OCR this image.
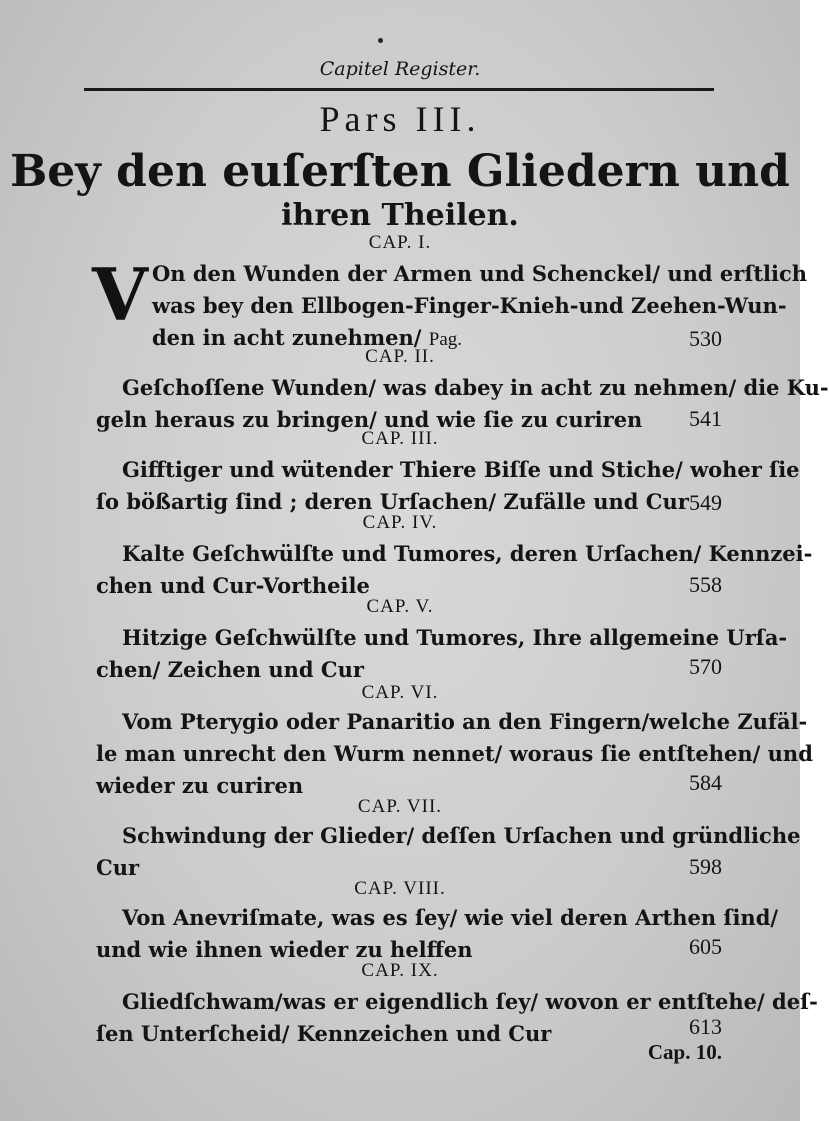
Capitel Register.
Pars III.
Bey den euſerſten Gliedern und
ihren Theilen.
CAP. I.
V On den Wunden der Armen und Schenckel/ und erſtlich
was bey den Ellbogen-Finger-Knieh-und Zeehen-Wun-
den in acht zunehmen/ Pag.	530
CAP. II.
Geſchoſſene Wunden/ was dabey in acht zu nehmen/ die Ku-
geln heraus zu bringen/ und wie ſie zu curiren	541
CAP. III.
Gifftiger und wütender Thiere Biſſe und Stiche/ woher ſie
ſo bößartig ſind ; deren Urſachen/ Zufälle und Cur 549
CAP. IV.
Kalte Geſchwülſte und Tumores, deren Urſachen/ Kennzei-
chen und Cur-Vortheile	558
CAP. V.
Hitzige Geſchwülſte und Tumores, Ihre allgemeine Urſa-
chen/ Zeichen und Cur	570
CAP. VI.
Vom Pterygio oder Panaritio an den Fingern/welche Zufäl-
le man unrecht den Wurm nennet/ woraus ſie entſtehen/ und
wieder zu curiren	584
CAP. VII.
Schwindung der Glieder/ deſſen Urſachen und gründliche
Cur	598
CAP. VIII.
Von Anevriſmate, was es ſey/ wie viel deren Arthen ſind/
und wie ihnen wieder zu helffen	605
CAP. IX.
Gliedſchwam/was er eigendlich ſey/ wovon er entſtehe/ deſ-
ſen Unterſcheid/ Kennzeichen und Cur	613
Cap. 10.
